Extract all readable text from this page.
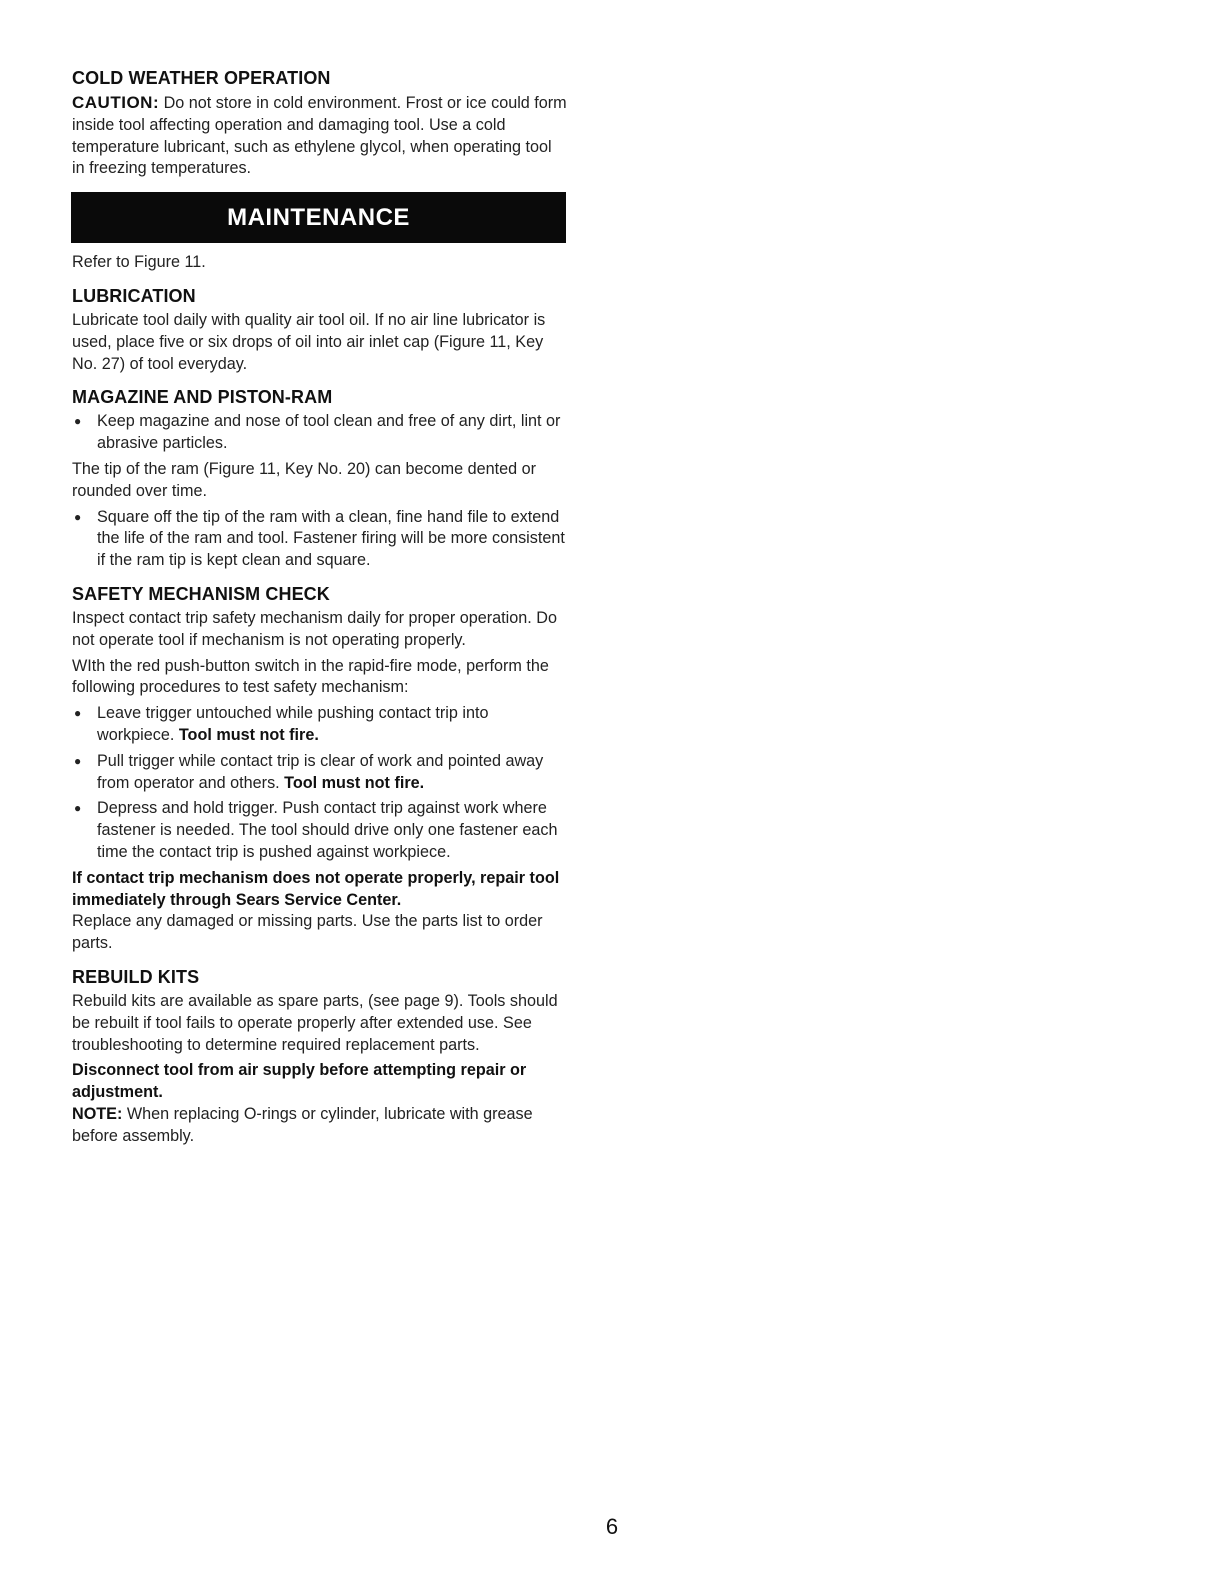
COLD WEATHER OPERATION

CAUTION: Do not store in cold environment. Frost or ice could form inside tool affecting operation and damaging tool. Use a cold temperature lubricant, such as ethylene glycol, when operating tool in freezing temperatures.

MAINTENANCE

Refer to Figure 11.

LUBRICATION

Lubricate tool daily with quality air tool oil. If no air line lubricator is used, place five or six drops of oil into air inlet cap (Figure 11, Key No. 27) of tool everyday.

MAGAZINE AND PISTON-RAM
● Keep magazine and nose of tool clean and free of any dirt, lint or abrasive particles.

The tip of the ram (Figure 11, Key No. 20) can become dented or rounded over time.

● Square off the tip of the ram with a clean, fine hand file to extend the life of the ram and tool. Fastener firing will be more consistent if the ram tip is kept clean and square.
SAFETY MECHANISM CHECK

Inspect contact trip safety mechanism daily for proper operation. Do not operate tool if mechanism is not operating properly.

WIth the red push-button switch in the rapid-fire mode, perform the following procedures to test safety mechanism:

● Leave trigger untouched while pushing contact trip into workpiece. Tool must not fire.
● Pull trigger while contact trip is clear of work and pointed away from operator and others. Tool must not fire.
● Depress and hold trigger. Push contact trip against work where fastener is needed. The tool should drive only one fastener each time the contact trip is pushed against workpiece.

If contact trip mechanism does not operate properly, repair tool immediately through Sears Service Center.

Replace any damaged or missing parts. Use the parts list to order parts.

REBUILD KITS

Rebuild kits are available as spare parts, (see page 9). Tools should be rebuilt if tool fails to operate properly after extended use. See troubleshooting to determine required replacement parts.

Disconnect tool from air supply before attempting repair or adjustment.

NOTE: When replacing O-rings or cylinder, lubricate with grease before assembly.

6
